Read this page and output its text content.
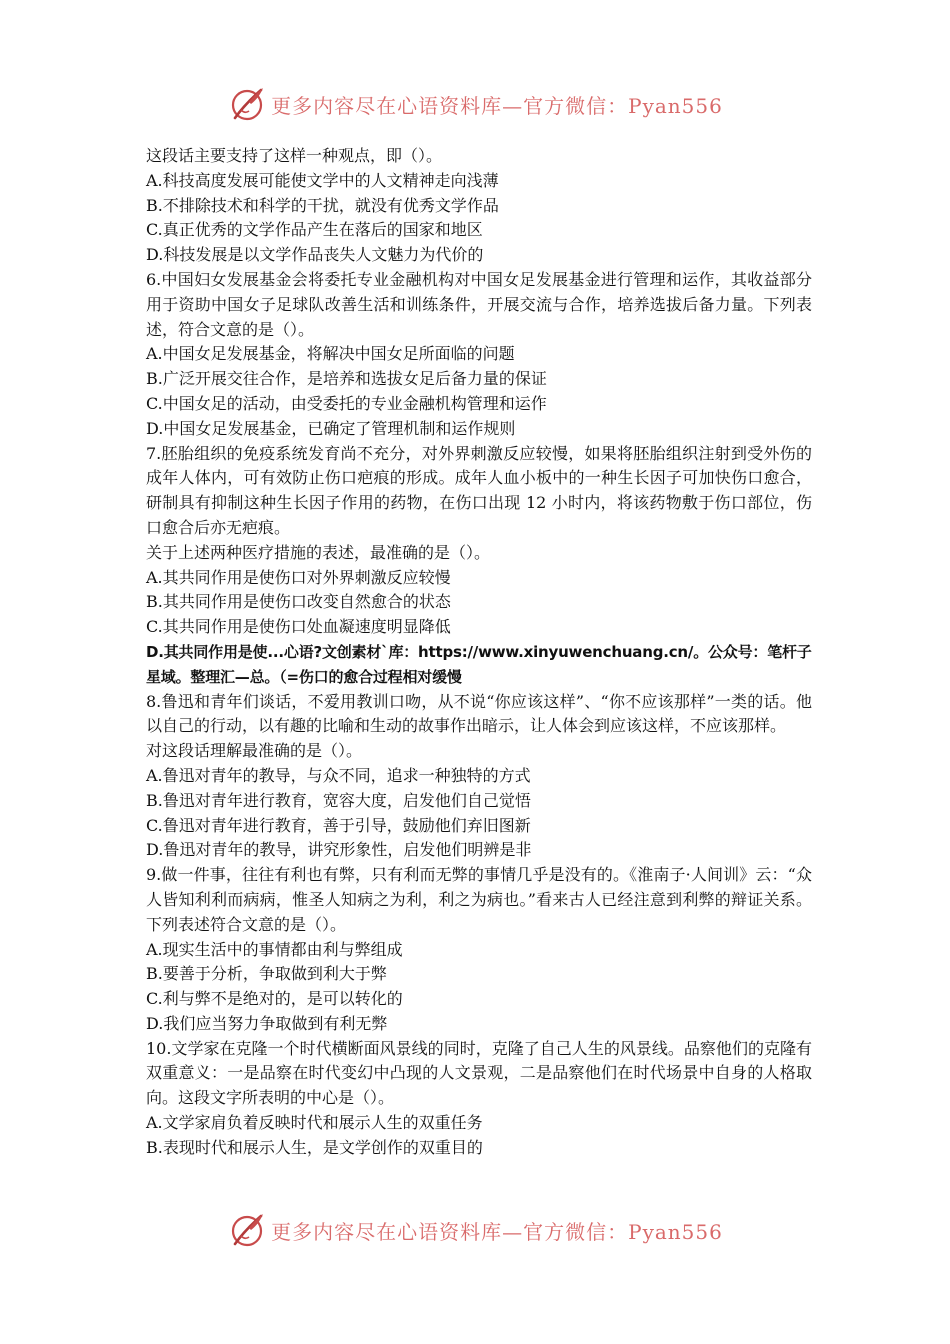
更多内容尽在心语资料库—官方微信：Pyan556

这段话主要支持了这样一种观点，即（）。

A.科技高度发展可能使文学中的人文精神走向浅薄

B.不排除技术和科学的干扰，就没有优秀文学作品

C.真正优秀的文学作品产生在落后的国家和地区

D.科技发展是以文学作品丧失人文魅力为代价的

6.中国妇女发展基金会将委托专业金融机构对中国女足发展基金进行管理和运作，其收益部分用于资助中国女子足球队改善生活和训练条件，开展交流与合作，培养选拔后备力量。下列表述，符合文意的是（）。

A.中国女足发展基金，将解决中国女足所面临的问题

B.广泛开展交往合作，是培养和选拔女足后备力量的保证

C.中国女足的活动，由受委托的专业金融机构管理和运作

D.中国女足发展基金，已确定了管理机制和运作规则

7.胚胎组织的免疫系统发育尚不充分，对外界刺激反应较慢，如果将胚胎组织注射到受外伤的成年人体内，可有效防止伤口疤痕的形成。成年人血小板中的一种生长因子可加快伤口愈合，研制具有抑制这种生长因子作用的药物，在伤口出现 12 小时内，将该药物敷于伤口部位，伤口愈合后亦无疤痕。

关于上述两种医疗措施的表述，最准确的是（）。

A.其共同作用是使伤口对外界刺激反应较慢

B.其共同作用是使伤口改变自然愈合的状态

C.其共同作用是使伤口处血凝速度明显降低

D.其共同作用是使...心语?文创素材`库：https://www.xinyuwenchuang.cn/。公众号：笔杆子星域。整理汇—总。（=伤口的愈合过程相对缓慢

8.鲁迅和青年们谈话，不爱用教训口吻，从不说“你应该这样”、“你不应该那样”一类的话。他以自己的行动，以有趣的比喻和生动的故事作出暗示，让人体会到应该这样，不应该那样。

对这段话理解最准确的是（）。

A.鲁迅对青年的教导，与众不同，追求一种独特的方式

B.鲁迅对青年进行教育，宽容大度，启发他们自己觉悟

C.鲁迅对青年进行教育，善于引导，鼓励他们弃旧图新

D.鲁迅对青年的教导，讲究形象性，启发他们明辨是非

9.做一件事，往往有利也有弊，只有利而无弊的事情几乎是没有的。《淮南子·人间训》云：“众人皆知利利而病病，惟圣人知病之为利，利之为病也。”看来古人已经注意到利弊的辩证关系。下列表述符合文意的是（）。

A.现实生活中的事情都由利与弊组成

B.要善于分析，争取做到利大于弊

C.利与弊不是绝对的，是可以转化的

D.我们应当努力争取做到有利无弊

10.文学家在克隆一个时代横断面风景线的同时，克隆了自己人生的风景线。品察他们的克隆有双重意义：一是品察在时代变幻中凸现的人文景观，二是品察他们在时代场景中自身的人格取向。这段文字所表明的中心是（）。

A.文学家肩负着反映时代和展示人生的双重任务

B.表现时代和展示人生，是文学创作的双重目的

更多内容尽在心语资料库—官方微信：Pyan556
